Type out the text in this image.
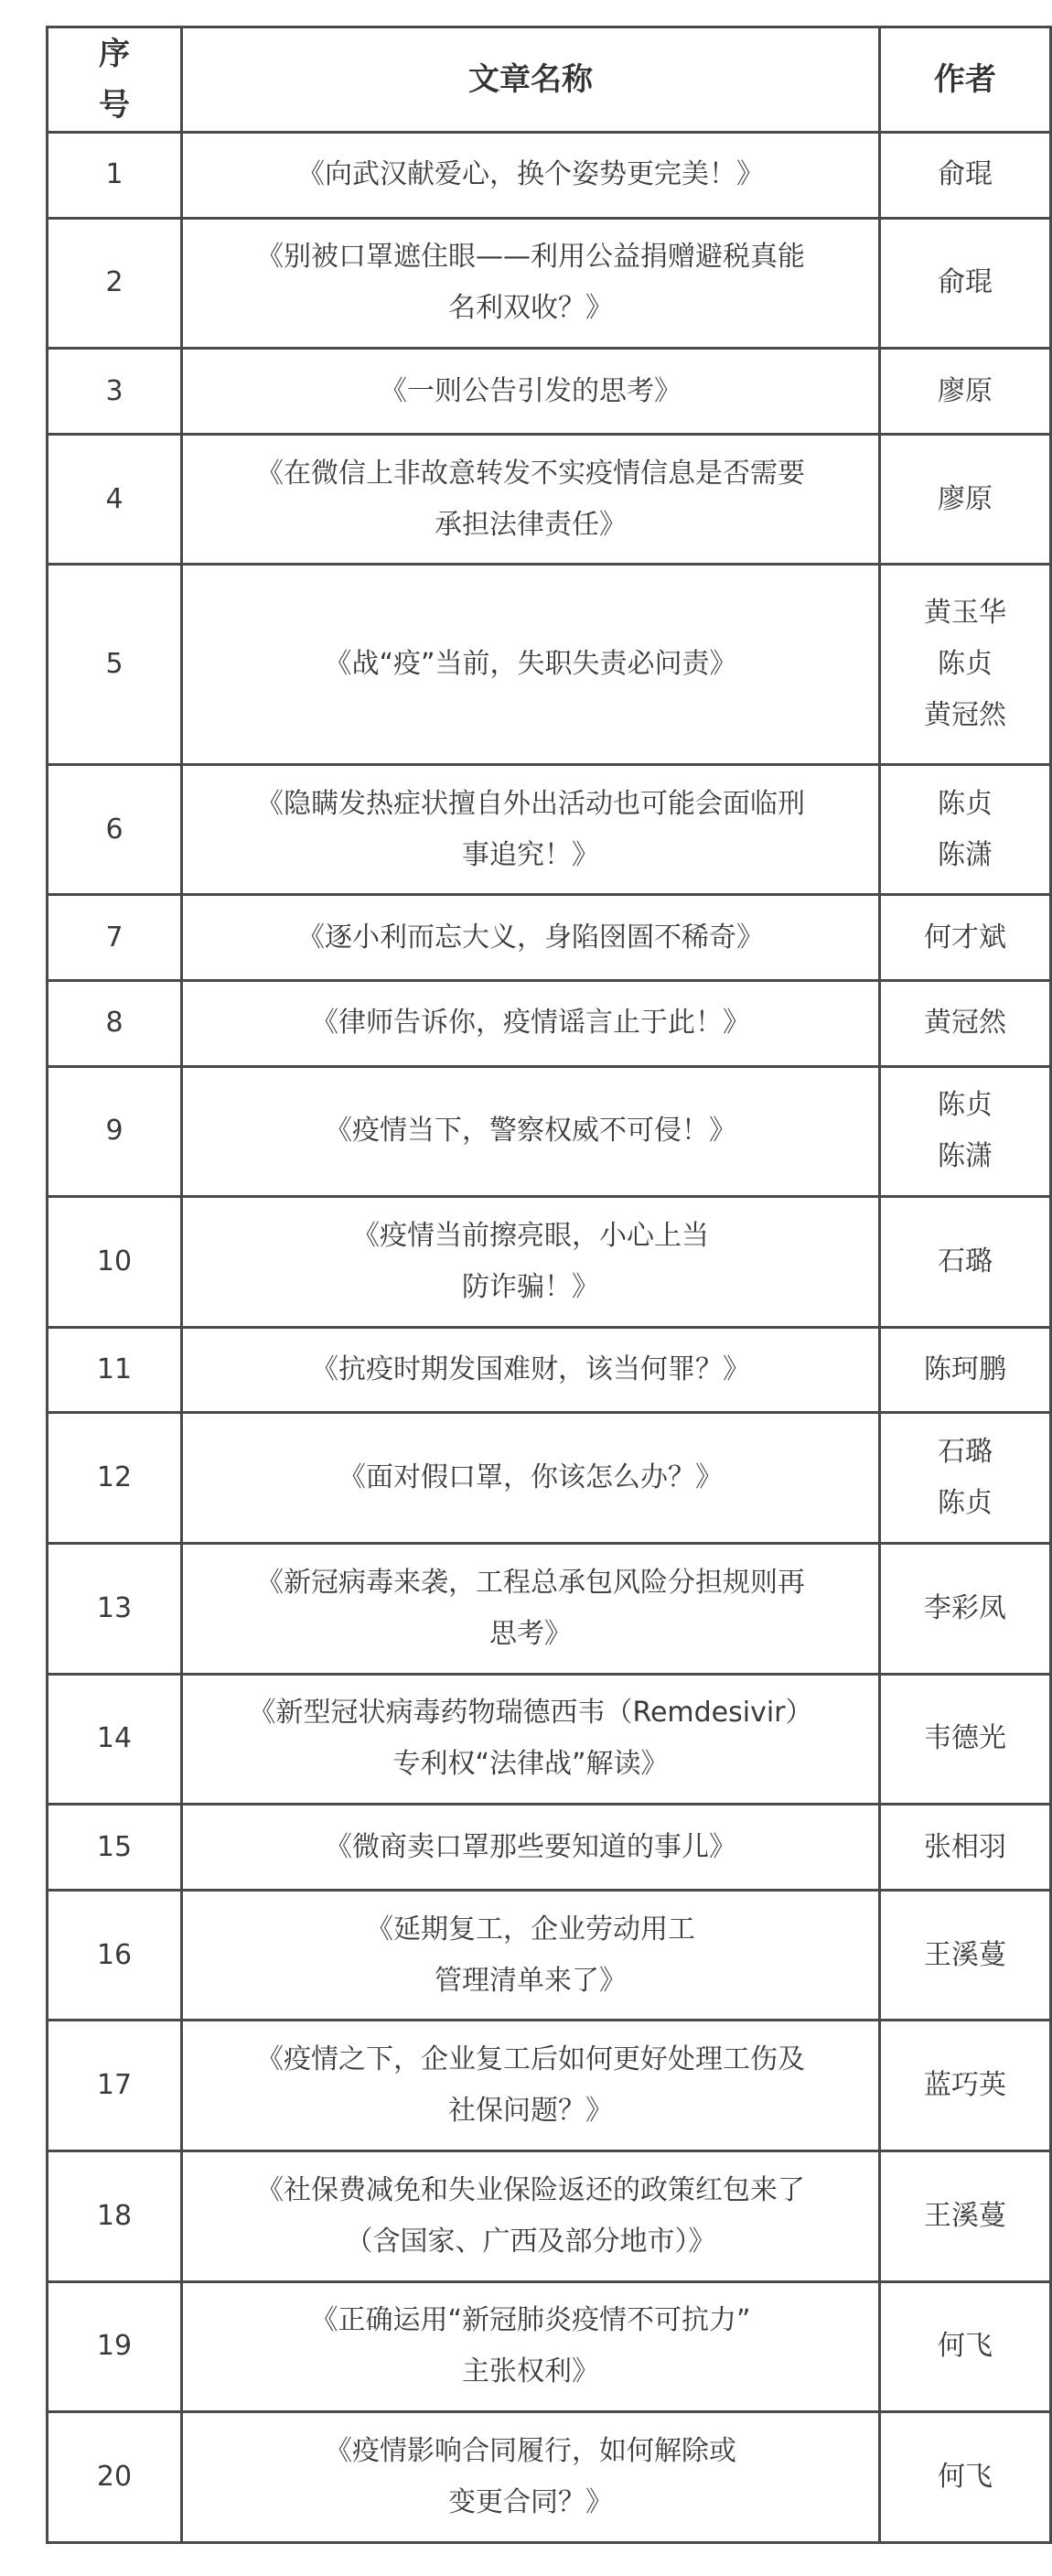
序
号	文章名称	作者
1	《向武汉献爱心，换个姿势更完美！》	俞琨

2	《别被口罩遮住眼——利用公益捐赠避税真能
名利双收？》	俞琨

3	《一则公告引发的思考》	廖原

4	《在微信上非故意转发不实疫情信息是否需要
承担法律责任》	廖原

5	《战“疫”当前，失职失责必问责》	黄玉华
陈贞
黄冠然

6	《隐瞒发热症状擅自外出活动也可能会面临刑
事追究！》	陈贞
陈潇

7	《逐小利而忘大义，身陷囹圄不稀奇》	何才斌

8	《律师告诉你，疫情谣言止于此！》	黄冠然

9	《疫情当下，警察权威不可侵！》	陈贞
陈潇

10	《疫情当前擦亮眼，小心上当
防诈骗！》	石璐

11	《抗疫时期发国难财，该当何罪？》	陈珂鹏

12	《面对假口罩，你该怎么办？》	石璐
陈贞

13	《新冠病毒来袭，工程总承包风险分担规则再
思考》	李彩凤

14	《新型冠状病毒药物瑞德西韦（Remdesivir）
专利权“法律战”解读》	韦德光

15	《微商卖口罩那些要知道的事儿》	张相羽

16	《延期复工，企业劳动用工
管理清单来了》	王溪蔓

17	《疫情之下，企业复工后如何更好处理工伤及
社保问题？》	蓝巧英

18	《社保费减免和失业保险返还的政策红包来了
（含国家、广西及部分地市）》	王溪蔓

19	《正确运用“新冠肺炎疫情不可抗力”
主张权利》	何飞

20	《疫情影响合同履行，如何解除或
变更合同？》	何飞
